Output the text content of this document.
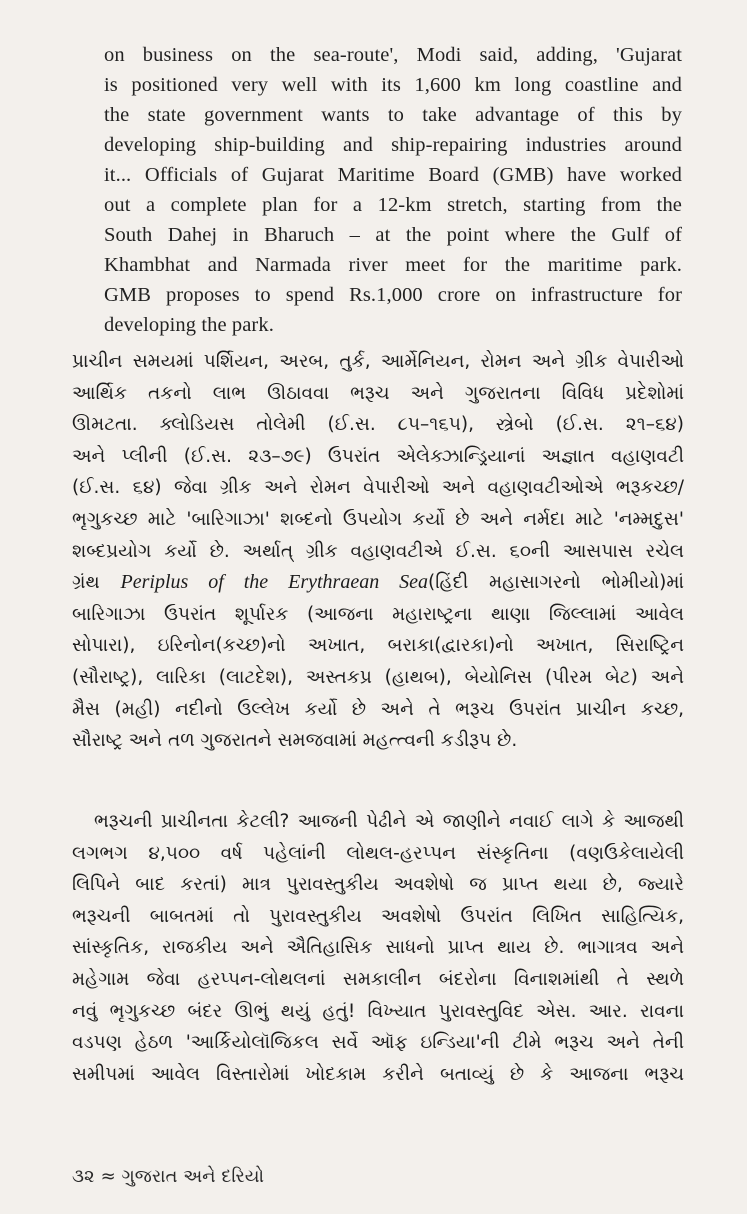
on business on the sea-route', Modi said, adding, 'Gujarat
is positioned very well with its 1,600 km long coastline and
the state government wants to take advantage of this by
developing ship-building and ship-repairing industries around
it... Officials of Gujarat Maritime Board (GMB) have worked
out a complete plan for a 12-km stretch, starting from the
South Dahej in Bharuch – at the point where the Gulf of
Khambhat and Narmada river meet for the maritime park.
GMB proposes to spend Rs.1,000 crore on infrastructure for
developing the park.
પ્રાચીન સમયમાં પર્શિયન, અરબ, તુર્ક, આર્મેનિયન, રોમન અને ગ્રીક વેપારીઓ
આર્થિક તકનો લાભ ઊઠાવવા ભરૂચ અને ગુજરાતના વિવિધ પ્રદેશોમાં
ઊમટતા. ક્લોડિયસ તોલેમી (ઈ.સ. ૮૫–૧૬૫), સ્ત્રેબો (ઈ.સ. ૨૧–૬૪)
અને પ્લીની (ઈ.સ. ૨૩–૭૯) ઉપરાંત એલેક્ઝાન્ડ્રિયાનાં અજ્ઞાત વહાણવટી
(ઈ.સ. ૬૪) જેવા ગ્રીક અને રોમન વેપારીઓ અને વહાણવટીઓએ ભરૂકચ્છ/
ભૃગુકચ્છ માટે 'બારિગાઝા' શબ્દનો ઉપયોગ કર્યો છે અને નર્મદા માટે 'નમ્મદુસ'
શબ્દપ્રયોગ કર્યો છે. અર્થાત્ ગ્રીક વહાણવટીએ ઈ.સ. ૬૦ની આસપાસ રચેલ
ગ્રંથ Periplus of the Erythraean Sea(હિંદી મહાસાગરનો ભોમીયો)માં
બારિગાઝા ઉપરાંત શૂર્પારક (આજના મહારાષ્ટ્રના થાણા જિલ્લામાં આવેલ
સોપારા), ઇરિનોન(કચ્છ)નો અખાત, બરાકા(દ્વારકા)નો અખાત, સિરાષ્ટ્રિન
(સૌરાષ્ટ્ર), લારિકા (લાટદેશ), અસ્તકપ્ર (હાથબ), બેયોનિસ (પીરમ બેટ) અને
મૈસ (મહી) નદીનો ઉલ્લેખ કર્યો છે અને તે ભરૂચ ઉપરાંત પ્રાચીન કચ્છ,
સૌરાષ્ટ્ર અને તળ ગુજરાતને સમજવામાં મહત્ત્વની કડીરૂપ છે.
ભરૂચની પ્રાચીનતા કેટલી? આજની પેઢીને એ જાણીને નવાઈ લાગે કે આજથી
લગભગ ૪,૫૦૦ વર્ષ પહેલાંની લોથલ-હરપ્પન સંસ્કૃતિના (વણઉકેલાયેલી
લિપિને બાદ કરતાં) માત્ર પુરાવસ્તુકીય અવશેષો જ પ્રાપ્ત થયા છે, જ્યારે
ભરૂચની બાબતમાં તો પુરાવસ્તુકીય અવશેષો ઉપરાંત લિખિત સાહિત્યિક,
સાંસ્કૃતિક, રાજકીય અને ઐતિહાસિક સાધનો પ્રાપ્ત થાય છે. ભાગાત્રવ અને
મહેગામ જેવા હરપ્પન-લોથલનાં સમકાલીન બંદરોના વિનાશમાંથી તે સ્થળે
નવું ભૃગુકચ્છ બંદર ઊભું થયું હતું! વિખ્યાત પુરાવસ્તુવિદ એસ. આર. રાવના
વડપણ હેઠળ 'આર્કિયોલૉજિકલ સર્વે ઑફ ઇન્ડિયા'ની ટીમે ભરૂચ અને તેની
સમીપમાં આવેલ વિસ્તારોમાં ખોદકામ કરીને બતાવ્યું છે કે આજના ભરૂચ
૩૨ ≈ ગુજરાત અને દરિયો
